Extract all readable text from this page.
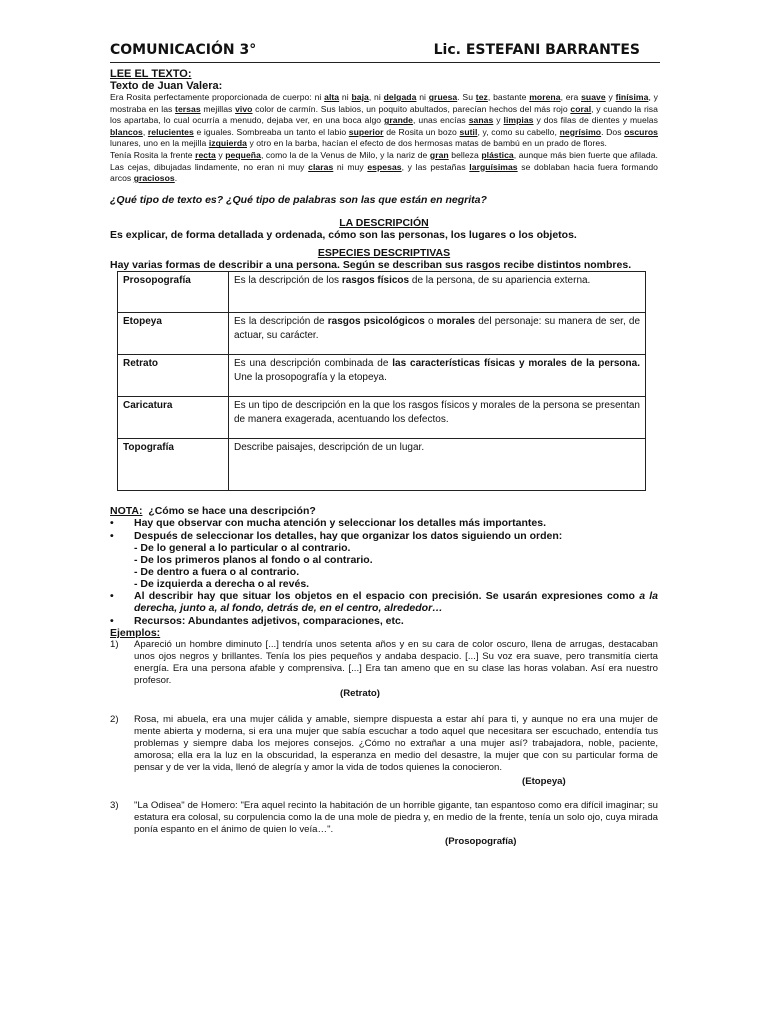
COMUNICACIÓN 3°	Lic. ESTEFANI BARRANTES
LEE EL TEXTO:
Texto de Juan Valera:

Era Rosita perfectamente proporcionada de cuerpo: ni alta ni baja, ni delgada ni gruesa. Su tez, bastante morena, era suave y finísima, y mostraba en las tersas mejillas vivo color de carmín. Sus labios, un poquito abultados, parecían hechos del más rojo coral, y cuando la risa los apartaba, lo cual ocurría a menudo, dejaba ver, en una boca algo grande, unas encías sanas y limpias y dos filas de dientes y muelas blancos, relucientes e iguales. Sombreaba un tanto el labio superior de Rosita un bozo sutil, y, como su cabello, negrísimo. Dos oscuros lunares, uno en la mejilla izquierda y otro en la barba, hacían el efecto de dos hermosas matas de bambú en un prado de flores.

Tenía Rosita la frente recta y pequeña, como la de la Venus de Milo, y la nariz de gran belleza plástica, aunque más bien fuerte que afilada. Las cejas, dibujadas lindamente, no eran ni muy claras ni muy espesas, y las pestañas larguísimas se doblaban hacia fuera formando arcos graciosos.

¿Qué tipo de texto es? ¿Qué tipo de palabras son las que están en negrita?
LA DESCRIPCIÓN
Es explicar, de forma detallada y ordenada, cómo son las personas, los lugares o los objetos.
ESPECIES DESCRIPTIVAS
Hay varias formas de describir a una persona. Según se describan sus rasgos recibe distintos nombres.
Prosopografía	Es la descripción de los rasgos físicos de la persona, de su apariencia externa.
Etopeya	Es la descripción de rasgos psicológicos o morales del personaje: su manera de ser, de actuar, su carácter.
Retrato	Es una descripción combinada de las características físicas y morales de la persona. Une la prosopografía y la etopeya.
Caricatura	Es un tipo de descripción en la que los rasgos físicos y morales de la persona se presentan de manera exagerada, acentuando los defectos.
Topografía	Describe paisajes, descripción de un lugar.
NOTA: ¿Cómo se hace una descripción?
•	Hay que observar con mucha atención y seleccionar los detalles más importantes.
•	Después de seleccionar los detalles, hay que organizar los datos siguiendo un orden:
- De lo general a lo particular o al contrario.
- De los primeros planos al fondo o al contrario.
- De dentro a fuera o al contrario.
- De izquierda a derecha o al revés.
•	Al describir hay que situar los objetos en el espacio con precisión. Se usarán expresiones como a la derecha, junto a, al fondo, detrás de, en el centro, alrededor…
•	Recursos: Abundantes adjetivos, comparaciones, etc.
Ejemplos:
1)	Apareció un hombre diminuto [...] tendría unos setenta años y en su cara de color oscuro, llena de arrugas, destacaban unos ojos negros y brillantes. Tenía los pies pequeños y andaba despacio. [...] Su voz era suave, pero transmitía cierta energía. Era una persona afable y comprensiva. [...] Era tan ameno que en su clase las horas volaban. Así era nuestro profesor.
(Retrato)
2)	Rosa, mi abuela, era una mujer cálida y amable, siempre dispuesta a estar ahí para ti, y aunque no era una mujer de mente abierta y moderna, si era una mujer que sabía escuchar a todo aquel que necesitara ser escuchado, entendía tus problemas y siempre daba los mejores consejos. ¿Cómo no extrañar a una mujer así? trabajadora, noble, paciente, amorosa; ella era la luz en la obscuridad, la esperanza en medio del desastre, la mujer que con su particular forma de pensar y de ver la vida, llenó de alegría y amor la vida de todos quienes la conocieron.
(Etopeya)
3)	"La Odisea" de Homero: "Era aquel recinto la habitación de un horrible gigante, tan espantoso como era difícil imaginar; su estatura era colosal, su corpulencia como la de una mole de piedra y, en medio de la frente, tenía un solo ojo, cuya mirada ponía espanto en el ánimo de quien lo veía…".
(Prosopografía)
